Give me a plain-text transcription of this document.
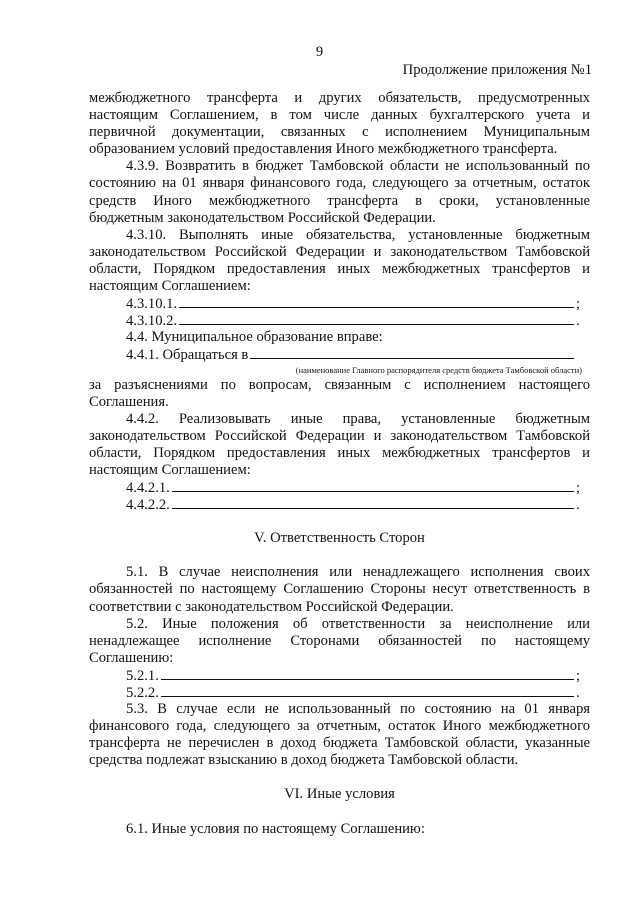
9
Продолжение приложения №1
межбюджетного трансферта и других обязательств, предусмотренных
настоящим Соглашением, в том числе данных бухгалтерского учета и
первичной документации, связанных с исполнением Муниципальным
образованием условий предоставления Иного межбюджетного трансферта.
4.3.9. Возвратить в бюджет Тамбовской области не использованный по
состоянию на 01 января финансового года, следующего за отчетным, остаток
средств Иного межбюджетного трансферта в сроки, установленные
бюджетным законодательством Российской Федерации.
4.3.10. Выполнять иные обязательства, установленные бюджетным
законодательством Российской Федерации и законодательством Тамбовской
области, Порядком предоставления иных межбюджетных трансфертов и
настоящим Соглашением:
4.3.10.1.	;
4.3.10.2.	.
4.4. Муниципальное образование вправе:
4.4.1. Обращаться в
(наименование Главного распорядителя средств бюджета Тамбовской области)
за разъяснениями по вопросам, связанным с исполнением настоящего
Соглашения.
4.4.2. Реализовывать иные права, установленные бюджетным
законодательством Российской Федерации и законодательством Тамбовской
области, Порядком предоставления иных межбюджетных трансфертов и
настоящим Соглашением:
4.4.2.1.	;
4.4.2.2.	.
V. Ответственность Сторон
5.1. В случае неисполнения или ненадлежащего исполнения своих
обязанностей по настоящему Соглашению Стороны несут ответственность в
соответствии с законодательством Российской Федерации.
5.2. Иные положения об ответственности за неисполнение или
ненадлежащее исполнение Сторонами обязанностей по настоящему
Соглашению:
5.2.1.	;
5.2.2.	.
5.3. В случае если не использованный по состоянию на 01 января
финансового года, следующего за отчетным, остаток Иного межбюджетного
трансферта не перечислен в доход бюджета Тамбовской области, указанные
средства подлежат взысканию в доход бюджета Тамбовской области.
VI. Иные условия
6.1. Иные условия по настоящему Соглашению:
